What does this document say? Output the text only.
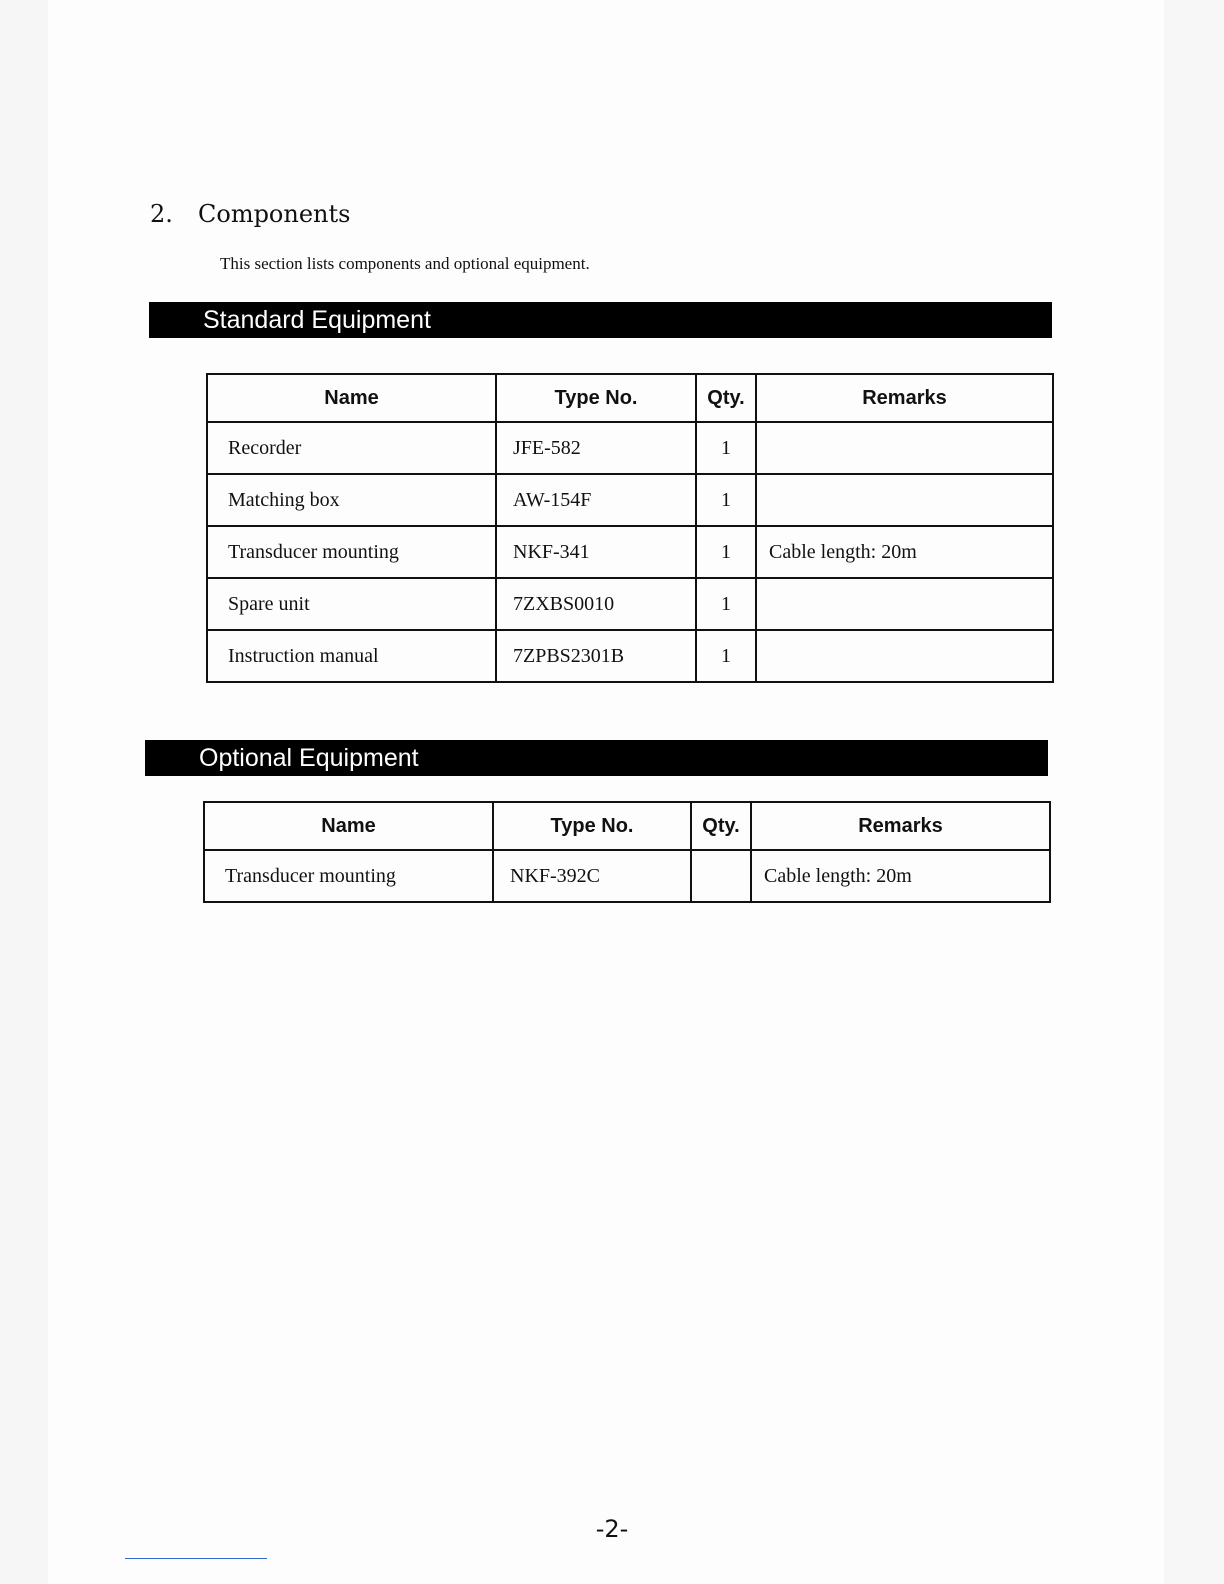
2. Components

This section lists components and optional equipment.

Standard Equipment
Name	Type No.	Qty.	Remarks
Recorder	JFE-582	1	
Matching box	AW-154F	1	
Transducer mounting	NKF-341	1	Cable length: 20m
Spare unit	7ZXBS0010	1	
Instruction manual	7ZPBS2301B	1	
Optional Equipment
Name	Type No.	Qty.	Remarks
Transducer mounting	NKF-392C		Cable length: 20m

-2-
